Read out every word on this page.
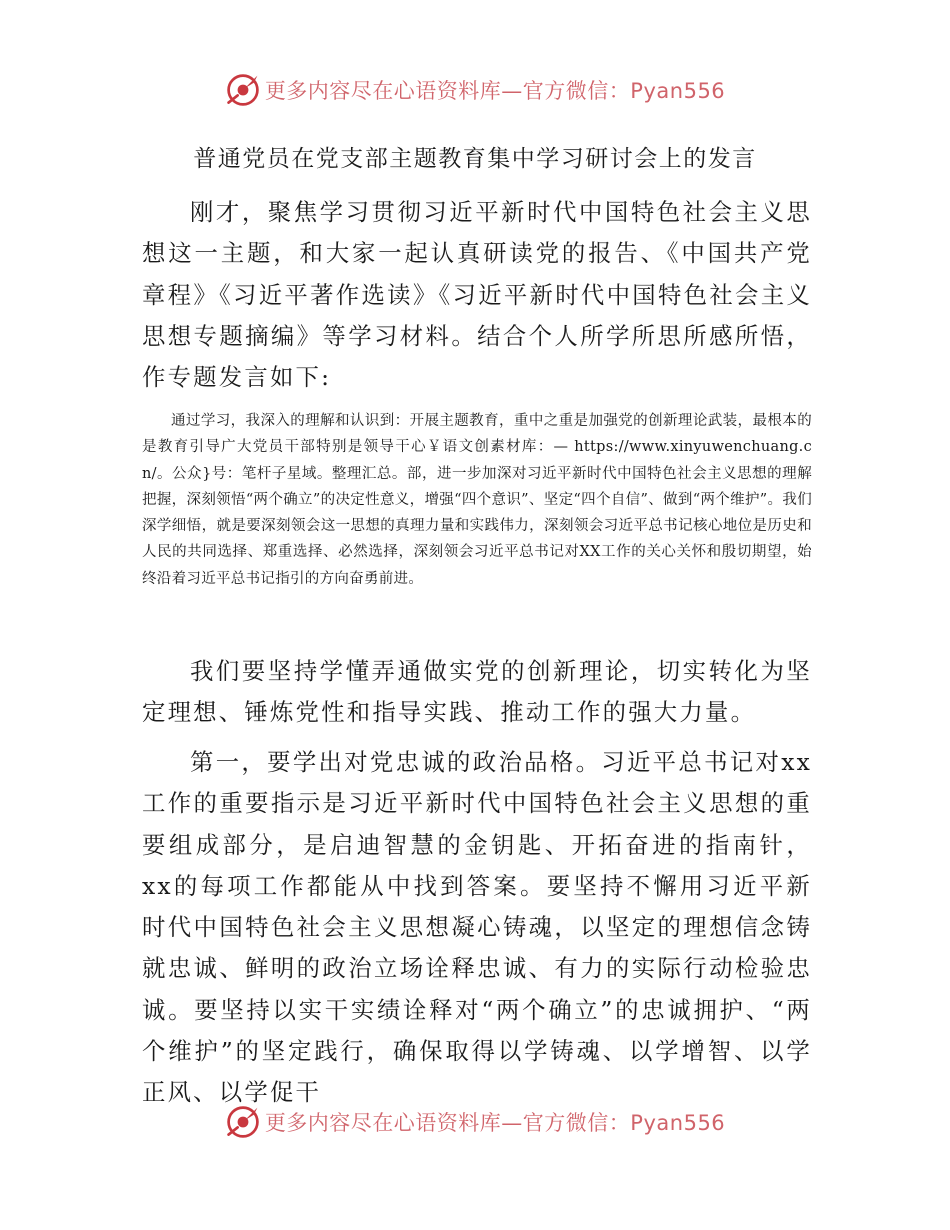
更多内容尽在心语资料库—官方微信：Pyan556
普通党员在党支部主题教育集中学习研讨会上的发言

刚才，聚焦学习贯彻习近平新时代中国特色社会主义思想这一主题，和大家一起认真研读党的报告、《中国共产党章程》《习近平著作选读》《习近平新时代中国特色社会主义思想专题摘编》等学习材料。结合个人所学所思所感所悟，作专题发言如下:

通过学习，我深入的理解和认识到：开展主题教育，重中之重是加强党的创新理论武装，最根本的是教育引导广大党员干部特别是领导干心￥语文创素材库：— https://www.xinyuwenchuang.cn/。公众}号：笔杆子星域。整理汇总。部，进一步加深对习近平新时代中国特色社会主义思想的理解把握，深刻领悟“两个确立”的决定性意义，增强“四个意识”、坚定“四个自信”、做到“两个维护”。我们深学细悟，就是要深刻领会这一思想的真理力量和实践伟力，深刻领会习近平总书记核心地位是历史和人民的共同选择、郑重选择、必然选择，深刻领会习近平总书记对XX工作的关心关怀和殷切期望，始终沿着习近平总书记指引的方向奋勇前进。

我们要坚持学懂弄通做实党的创新理论，切实转化为坚定理想、锤炼党性和指导实践、推动工作的强大力量。

第一，要学出对党忠诚的政治品格。习近平总书记对xx工作的重要指示是习近平新时代中国特色社会主义思想的重要组成部分，是启迪智慧的金钥匙、开拓奋进的指南针，xx的每项工作都能从中找到答案。要坚持不懈用习近平新时代中国特色社会主义思想凝心铸魂，以坚定的理想信念铸就忠诚、鲜明的政治立场诠释忠诚、有力的实际行动检验忠诚。要坚持以实干实绩诠释对“两个确立”的忠诚拥护、“两个维护”的坚定践行，确保取得以学铸魂、以学增智、以学正风、以学促干

更多内容尽在心语资料库—官方微信：Pyan556
